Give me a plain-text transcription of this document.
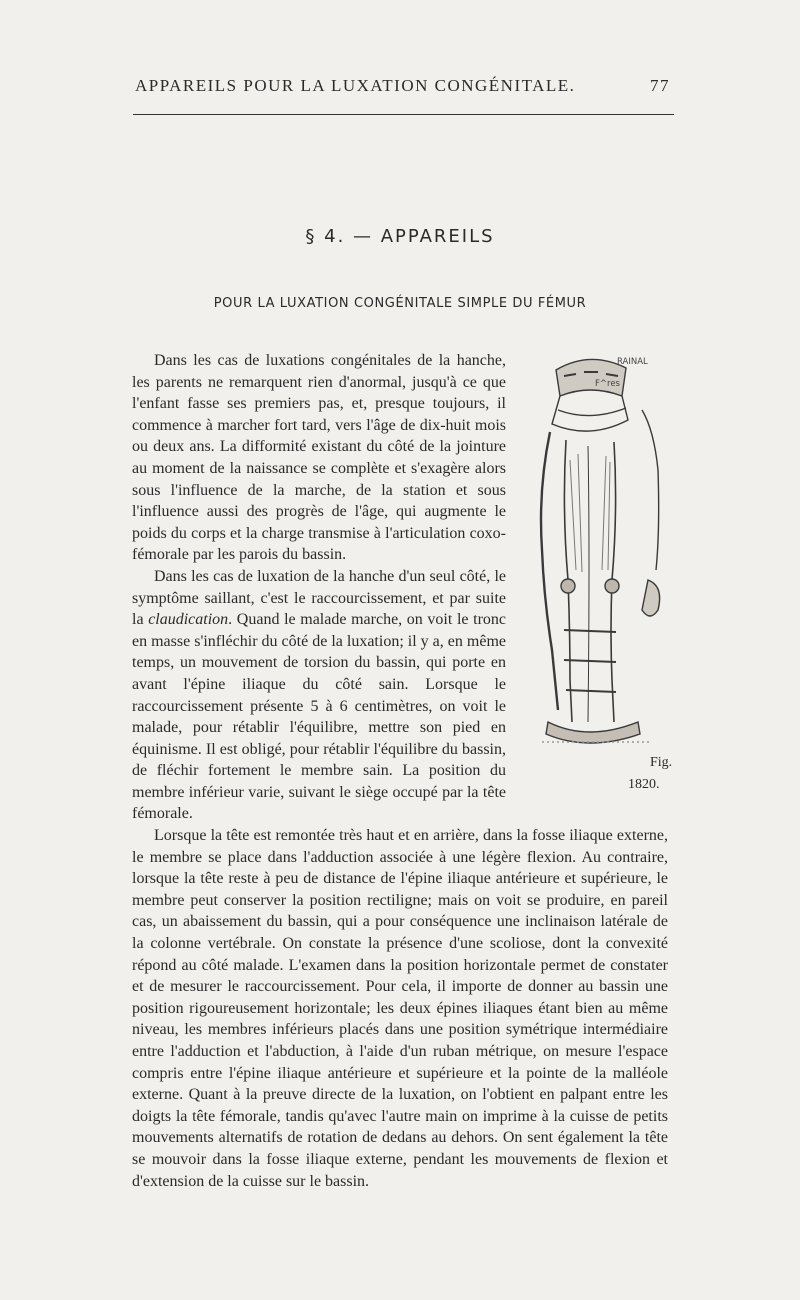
APPAREILS POUR LA LUXATION CONGÉNITALE.	77
§ 4. — APPAREILS
POUR LA LUXATION CONGÉNITALE SIMPLE DU FÉMUR

RAINAL F^res
Fig. 1820.
Dans les cas de luxations congénitales de la hanche, les parents ne remarquent rien d'anormal, jusqu'à ce que l'enfant fasse ses premiers pas, et, presque toujours, il commence à marcher fort tard, vers l'âge de dix-huit mois ou deux ans. La difformité existant du côté de la jointure au moment de la naissance se complète et s'exagère alors sous l'influence de la marche, de la station et sous l'influence aussi des progrès de l'âge, qui augmente le poids du corps et la charge transmise à l'articulation coxo-fémorale par les parois du bassin.

Dans les cas de luxation de la hanche d'un seul côté, le symptôme saillant, c'est le raccourcissement, et par suite la claudication. Quand le malade marche, on voit le tronc en masse s'infléchir du côté de la luxation; il y a, en même temps, un mouvement de torsion du bassin, qui porte en avant l'épine iliaque du côté sain. Lorsque le raccourcissement présente 5 à 6 centimètres, on voit le malade, pour rétablir l'équilibre, mettre son pied en équinisme. Il est obligé, pour rétablir l'équilibre du bassin, de fléchir fortement le membre sain. La position du membre inférieur varie, suivant le siège occupé par la tête fémorale.

Lorsque la tête est remontée très haut et en arrière, dans la fosse iliaque externe, le membre se place dans l'adduction associée à une légère flexion. Au contraire, lorsque la tête reste à peu de distance de l'épine iliaque antérieure et supérieure, le membre peut conserver la position rectiligne; mais on voit se produire, en pareil cas, un abaissement du bassin, qui a pour conséquence une inclinaison latérale de la colonne vertébrale. On constate la présence d'une scoliose, dont la convexité répond au côté malade. L'examen dans la position horizontale permet de constater et de mesurer le raccourcissement. Pour cela, il importe de donner au bassin une position rigoureusement horizontale; les deux épines iliaques étant bien au même niveau, les membres inférieurs placés dans une position symétrique intermédiaire entre l'adduction et l'abduction, à l'aide d'un ruban métrique, on mesure l'espace compris entre l'épine iliaque antérieure et supérieure et la pointe de la malléole externe. Quant à la preuve directe de la luxation, on l'obtient en palpant entre les doigts la tête fémorale, tandis qu'avec l'autre main on imprime à la cuisse de petits mouvements alternatifs de rotation de dedans au dehors. On sent également la tête se mouvoir dans la fosse iliaque externe, pendant les mouvements de flexion et d'extension de la cuisse sur le bassin.
